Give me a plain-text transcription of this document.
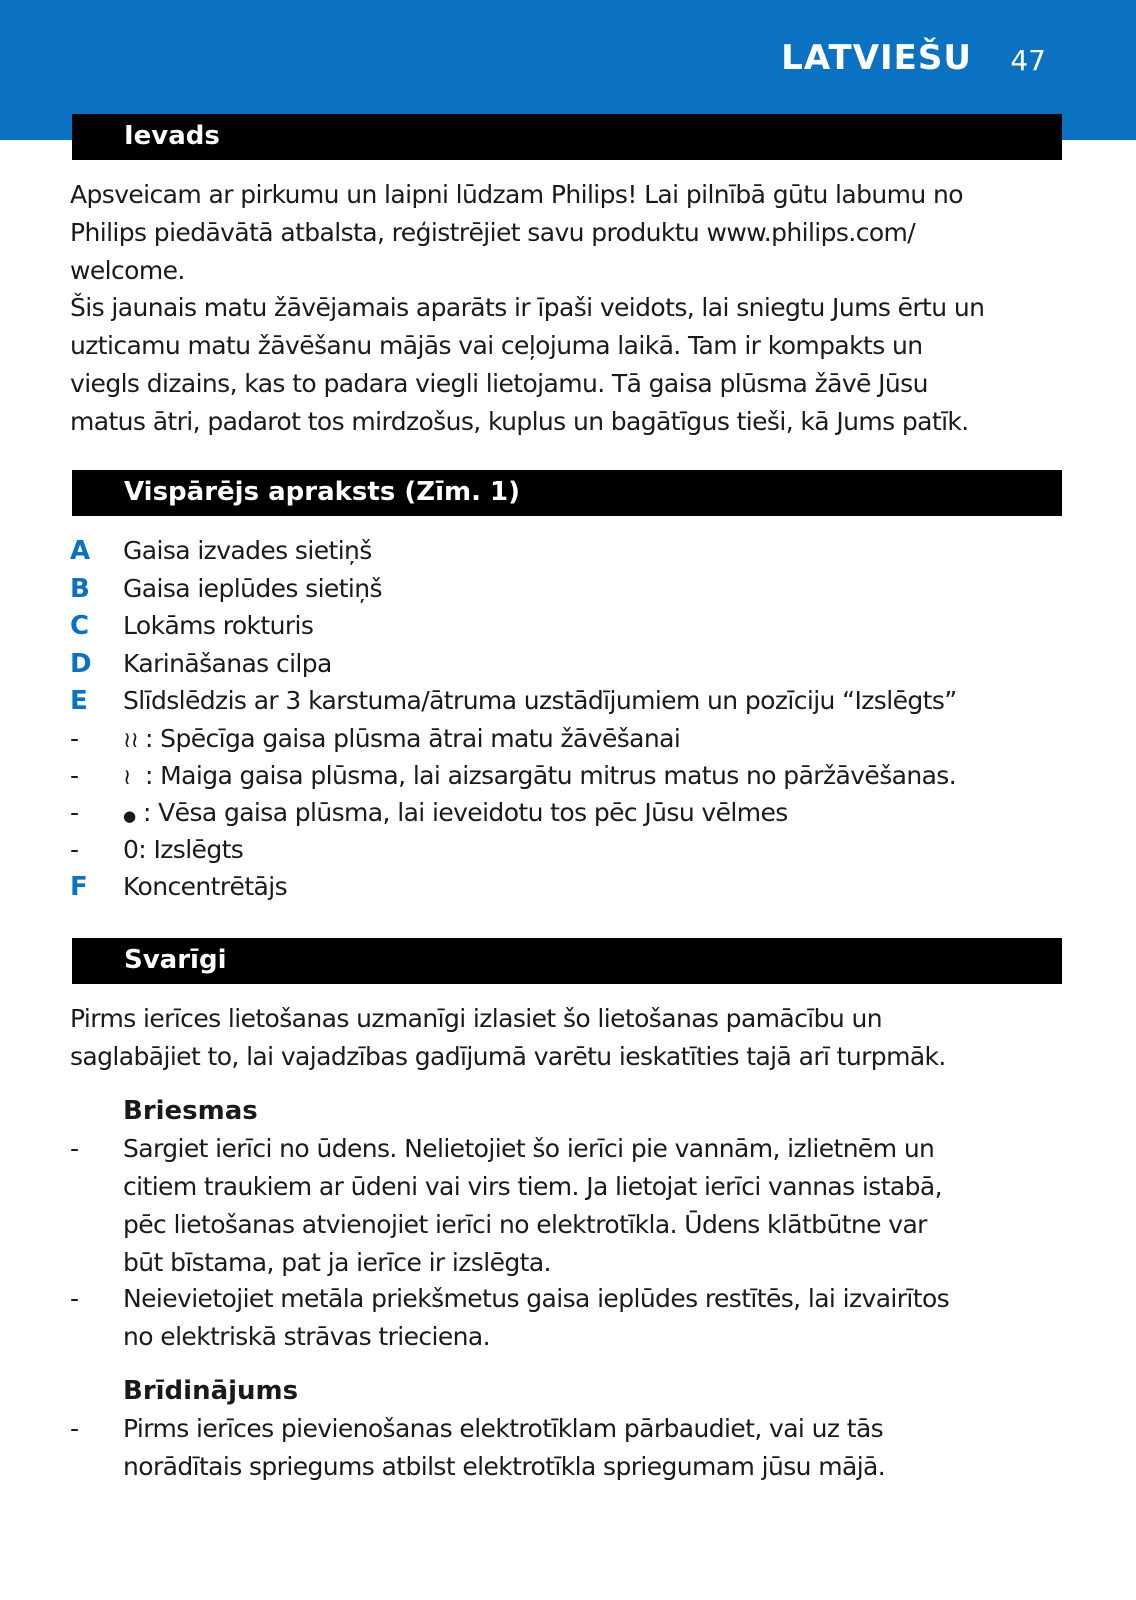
LATVIEŠU 47
Ievads
Apsveicam ar pirkumu un laipni lūdzam Philips! Lai pilnībā gūtu labumu no
Philips piedāvātā atbalsta, reģistrējiet savu produktu www.philips.com/
welcome.
Šis jaunais matu žāvējamais aparāts ir īpaši veidots, lai sniegtu Jums ērtu un
uzticamu matu žāvēšanu mājās vai ceļojuma laikā. Tam ir kompakts un
viegls dizains, kas to padara viegli lietojamu. Tā gaisa plūsma žāvē Jūsu
matus ātri, padarot tos mirdzošus, kuplus un bagātīgus tieši, kā Jums patīk.
Vispārējs apraksts (Zīm. 1)
A	Gaisa izvades sietiņš
B	Gaisa ieplūdes sietiņš
C	Lokāms rokturis
D	Karināšanas cilpa
E	Slīdslēdzis ar 3 karstuma/ātruma uzstādījumiem un pozīciju “Izslēgts”
-	≀≀ : Spēcīga gaisa plūsma ātrai matu žāvēšanai
-	≀ : Maiga gaisa plūsma, lai aizsargātu mitrus matus no pāržāvēšanas.
-	● : Vēsa gaisa plūsma, lai ieveidotu tos pēc Jūsu vēlmes
-	0: Izslēgts
F	Koncentrētājs
Svarīgi
Pirms ierīces lietošanas uzmanīgi izlasiet šo lietošanas pamācību un
saglabājiet to, lai vajadzības gadījumā varētu ieskatīties tajā arī turpmāk.
Briesmas
- Sargiet ierīci no ūdens. Nelietojiet šo ierīci pie vannām, izlietnēm un
citiem traukiem ar ūdeni vai virs tiem. Ja lietojat ierīci vannas istabā,
pēc lietošanas atvienojiet ierīci no elektrotīkla. Ūdens klātbūtne var
būt bīstama, pat ja ierīce ir izslēgta.
- Neievietojiet metāla priekšmetus gaisa ieplūdes restītēs, lai izvairītos
no elektriskā strāvas trieciena.
Brīdinājums
- Pirms ierīces pievienošanas elektrotīklam pārbaudiet, vai uz tās
norādītais spriegums atbilst elektrotīkla spriegumam jūsu mājā.
